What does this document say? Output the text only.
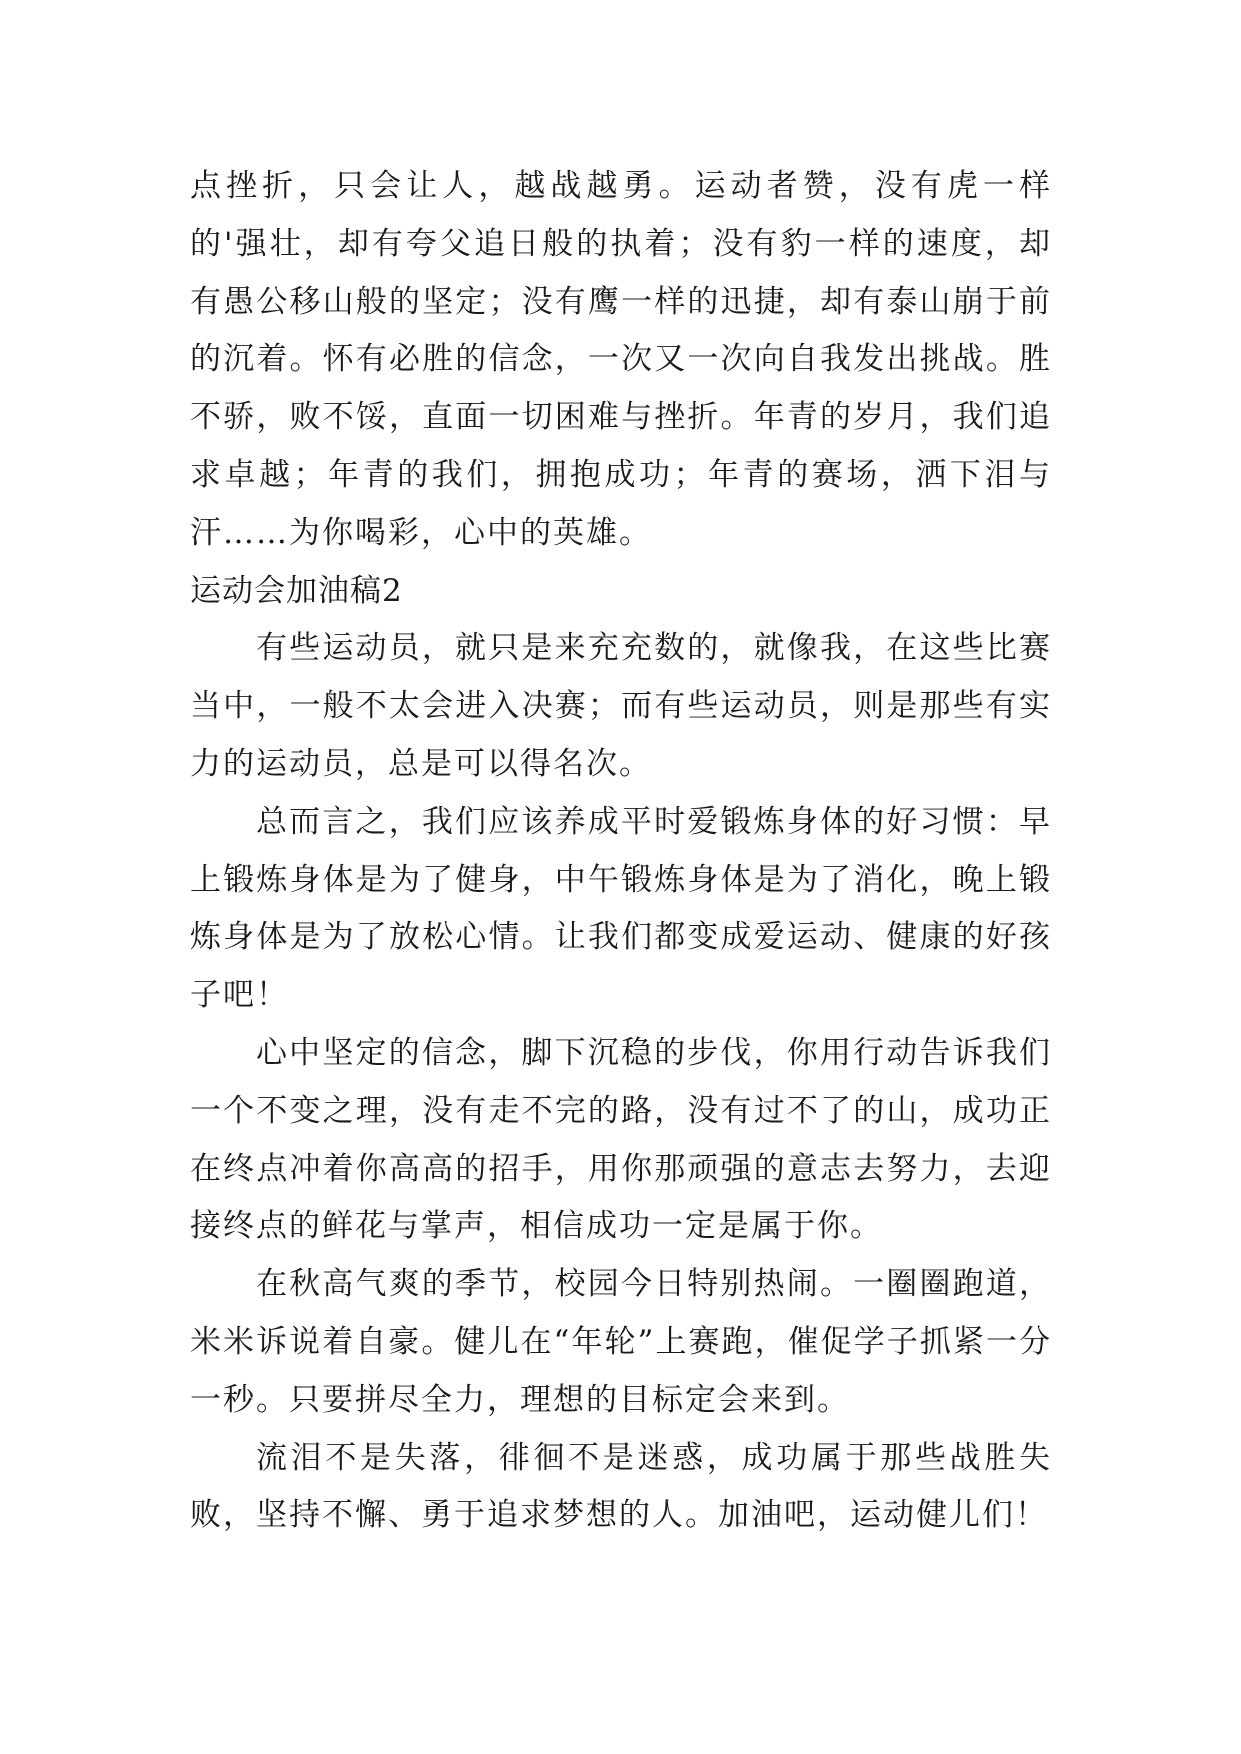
点挫折，只会让人，越战越勇。运动者赞，没有虎一样的'强壮，却有夸父追日般的执着；没有豹一样的速度，却有愚公移山般的坚定；没有鹰一样的迅捷，却有泰山崩于前的沉着。怀有必胜的信念，一次又一次向自我发出挑战。胜不骄，败不馁，直面一切困难与挫折。年青的岁月，我们追求卓越；年青的我们，拥抱成功；年青的赛场，洒下泪与汗……为你喝彩，心中的英雄。

运动会加油稿2

有些运动员，就只是来充充数的，就像我，在这些比赛当中，一般不太会进入决赛；而有些运动员，则是那些有实力的运动员，总是可以得名次。

总而言之，我们应该养成平时爱锻炼身体的好习惯：早上锻炼身体是为了健身，中午锻炼身体是为了消化，晚上锻炼身体是为了放松心情。让我们都变成爱运动、健康的好孩子吧！

心中坚定的信念，脚下沉稳的步伐，你用行动告诉我们一个不变之理，没有走不完的路，没有过不了的山，成功正在终点冲着你高高的招手，用你那顽强的意志去努力，去迎接终点的鲜花与掌声，相信成功一定是属于你。

在秋高气爽的季节，校园今日特别热闹。一圈圈跑道，米米诉说着自豪。健儿在“年轮”上赛跑，催促学子抓紧一分一秒。只要拼尽全力，理想的目标定会来到。

流泪不是失落，徘徊不是迷惑，成功属于那些战胜失败，坚持不懈、勇于追求梦想的人。加油吧，运动健儿们！
